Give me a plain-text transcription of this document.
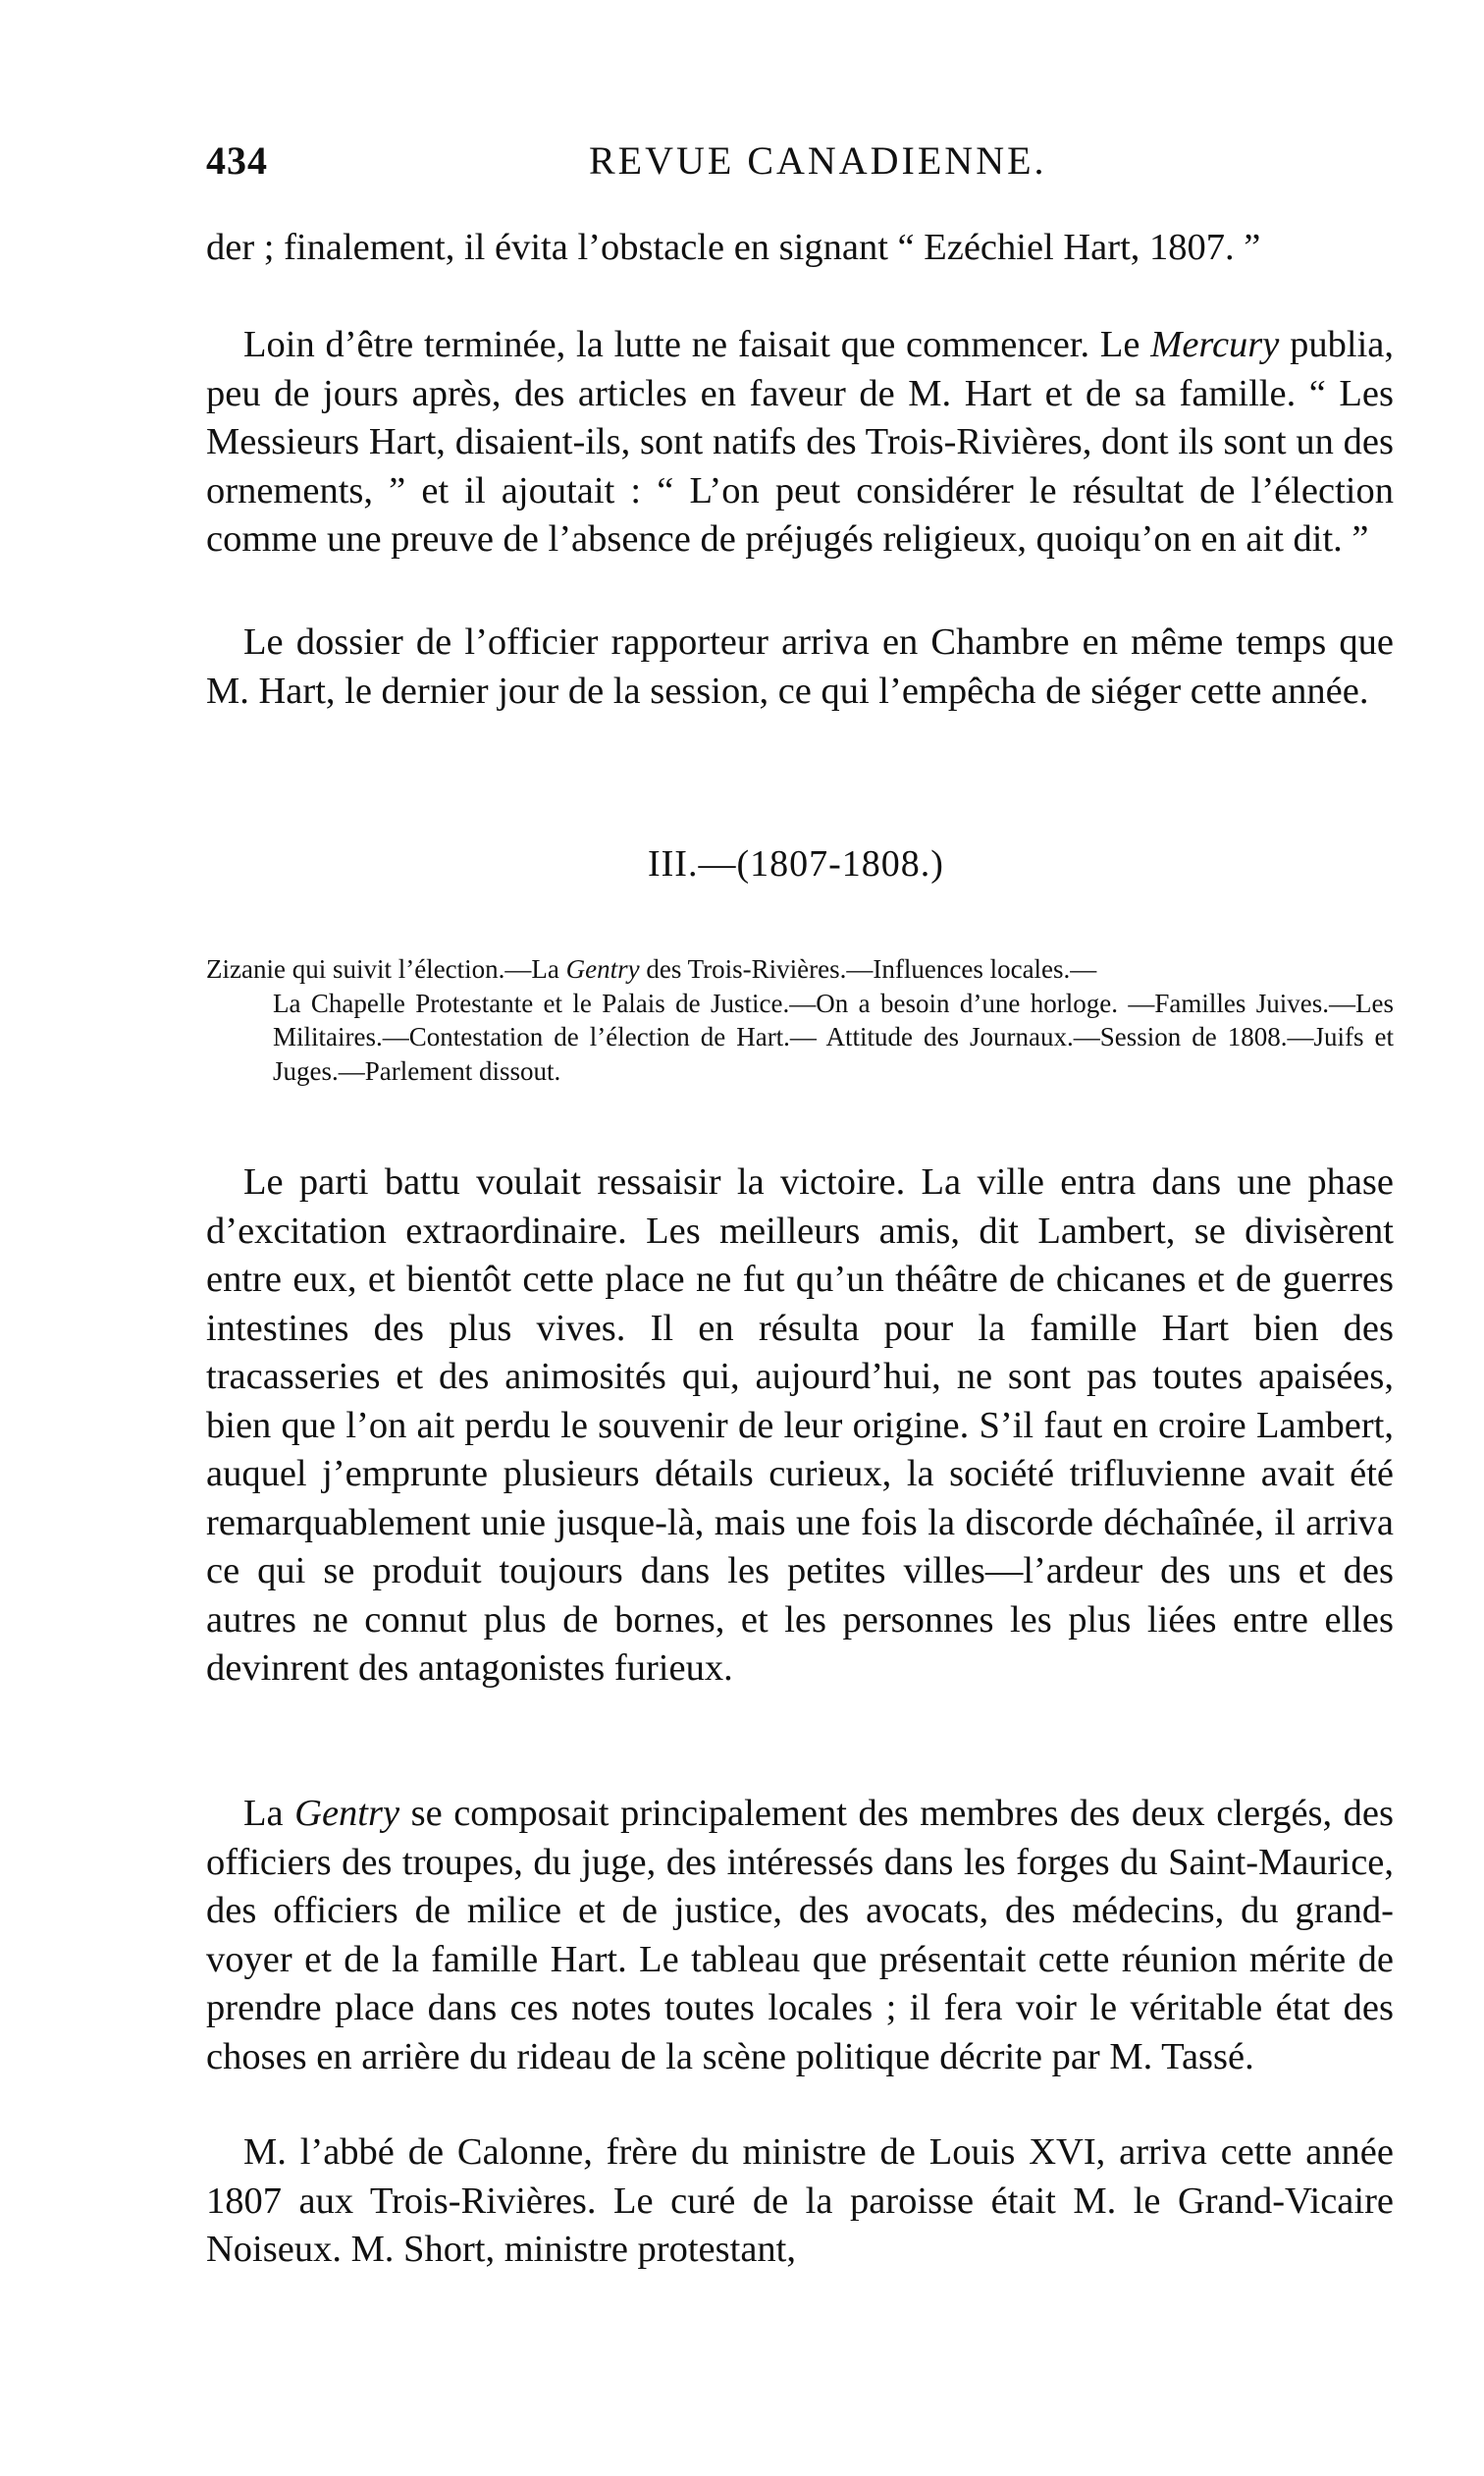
434	REVUE CANADIENNE.

der ; finalement, il évita l’obstacle en signant “ Ezéchiel Hart, 1807. ”

Loin d’être terminée, la lutte ne faisait que commencer. Le Mercury publia, peu de jours après, des articles en faveur de M. Hart et de sa famille. “ Les Messieurs Hart, disaient-ils, sont natifs des Trois-Rivières, dont ils sont un des ornements, ” et il ajoutait : “ L’on peut considérer le résultat de l’élection comme une preuve de l’absence de préjugés religieux, quoiqu’on en ait dit. ”

Le dossier de l’officier rapporteur arriva en Chambre en même temps que M. Hart, le dernier jour de la session, ce qui l’empêcha de siéger cette année.

III.—(1807-1808.)

Zizanie qui suivit l’élection.—La Gentry des Trois-Rivières.—Influences locales.—
La Chapelle Protestante et le Palais de Justice.—On a besoin d’une horloge. —Familles Juives.—Les Militaires.—Contestation de l’élection de Hart.— Attitude des Journaux.—Session de 1808.—Juifs et Juges.—Parlement dissout.

Le parti battu voulait ressaisir la victoire. La ville entra dans une phase d’excitation extraordinaire. Les meilleurs amis, dit Lambert, se divisèrent entre eux, et bientôt cette place ne fut qu’un théâtre de chicanes et de guerres intestines des plus vives. Il en résulta pour la famille Hart bien des tracasseries et des animosités qui, aujourd’hui, ne sont pas toutes apaisées, bien que l’on ait perdu le souvenir de leur origine. S’il faut en croire Lambert, auquel j’emprunte plusieurs détails curieux, la société trifluvienne avait été remarquablement unie jusque-là, mais une fois la discorde déchaînée, il arriva ce qui se produit toujours dans les petites villes—l’ardeur des uns et des autres ne connut plus de bornes, et les personnes les plus liées entre elles devinrent des antagonistes furieux.

La Gentry se composait principalement des membres des deux clergés, des officiers des troupes, du juge, des intéressés dans les forges du Saint-Maurice, des officiers de milice et de justice, des avocats, des médecins, du grand-voyer et de la famille Hart. Le tableau que présentait cette réunion mérite de prendre place dans ces notes toutes locales ; il fera voir le véritable état des choses en arrière du rideau de la scène politique décrite par M. Tassé.

M. l’abbé de Calonne, frère du ministre de Louis XVI, arriva cette année 1807 aux Trois-Rivières. Le curé de la paroisse était M. le Grand-Vicaire Noiseux. M. Short, ministre protestant,
